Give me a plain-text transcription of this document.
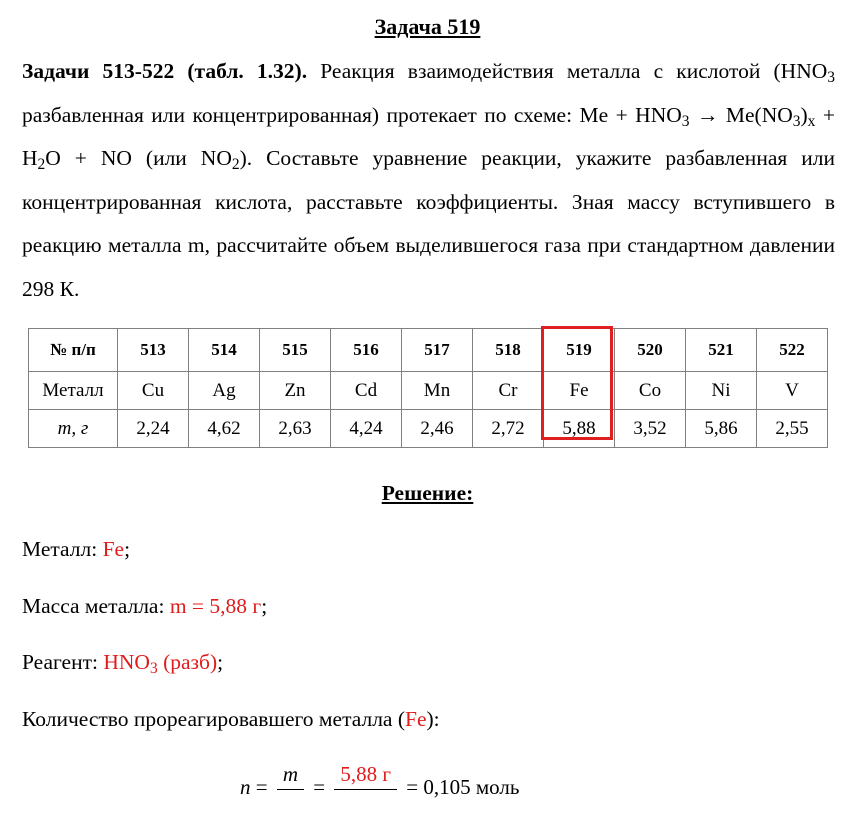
Задача 519
Задачи 513-522 (табл. 1.32). Реакция взаимодействия металла с кислотой ($HNO_3$ разбавленная или концентрированная) протекает по схеме: $Me + HNO_3 \to Me(NO_3)_x + H_2O$ + NO (или $NO_2$). Составьте уравнение реакции, укажите разбавленная или концентрированная кислота, расставьте коэффициенты. Зная массу вступившего в реакцию металла m, рассчитайте объем выделившегося газа при стандартном давлении 298 К.
№ п/п	513	514	515	516	517	518	519	520	521	522
Металл	Cu	Ag	Zn	Cd	Mn	Cr	Fe	Co	Ni	V
m, г	2,24	4,62	2,63	4,24	2,46	2,72	5,88	3,52	5,86	2,55
Решение:
Металл: Fe;
Масса металла: m = 5,88 г;
Реагент: $HNO_3$ (разб);
Количество прореагировавшего металла (Fe):
n =
m
=
5,88 г
= 0,105 моль
